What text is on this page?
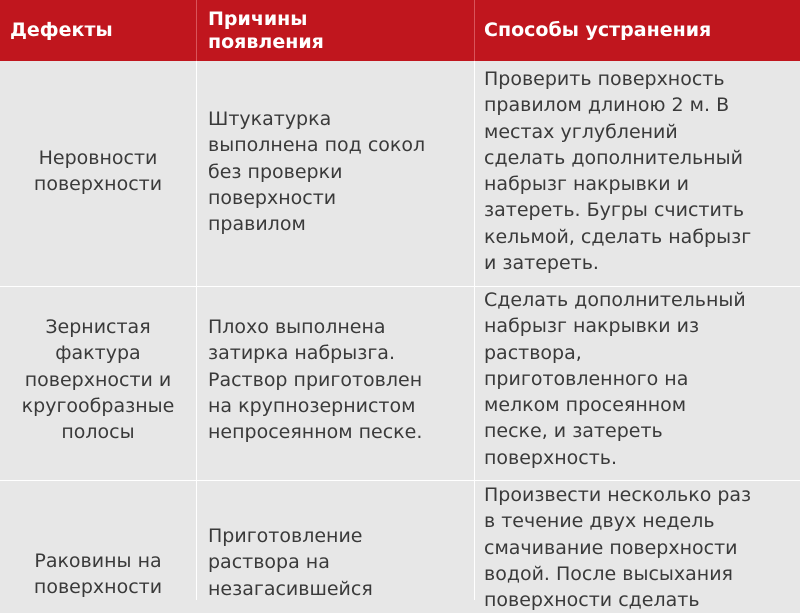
Дефекты
Причины
появления
Способы устранения
Неровности
поверхности
Штукатурка
выполнена под сокол
без проверки
поверхности
правилом
Проверить поверхность
правилом длиною 2 м. В
местах углублений
сделать дополнительный
набрызг накрывки и
затереть. Бугры счистить
кельмой, сделать набрызг
и затереть.
Зернистая
фактура
поверхности и
кругообразные
полосы
Плохо выполнена
затирка набрызга.
Раствор приготовлен
на крупнозернистом
непросеянном песке.
Сделать дополнительный
набрызг накрывки из
раствора,
приготовленного на
мелком просеянном
песке, и затереть
поверхность.
Раковины на
поверхности
Приготовление
раствора на
незагасившейся
Произвести несколько раз
в течение двух недель
смачивание поверхности
водой. После высыхания
поверхности сделать
